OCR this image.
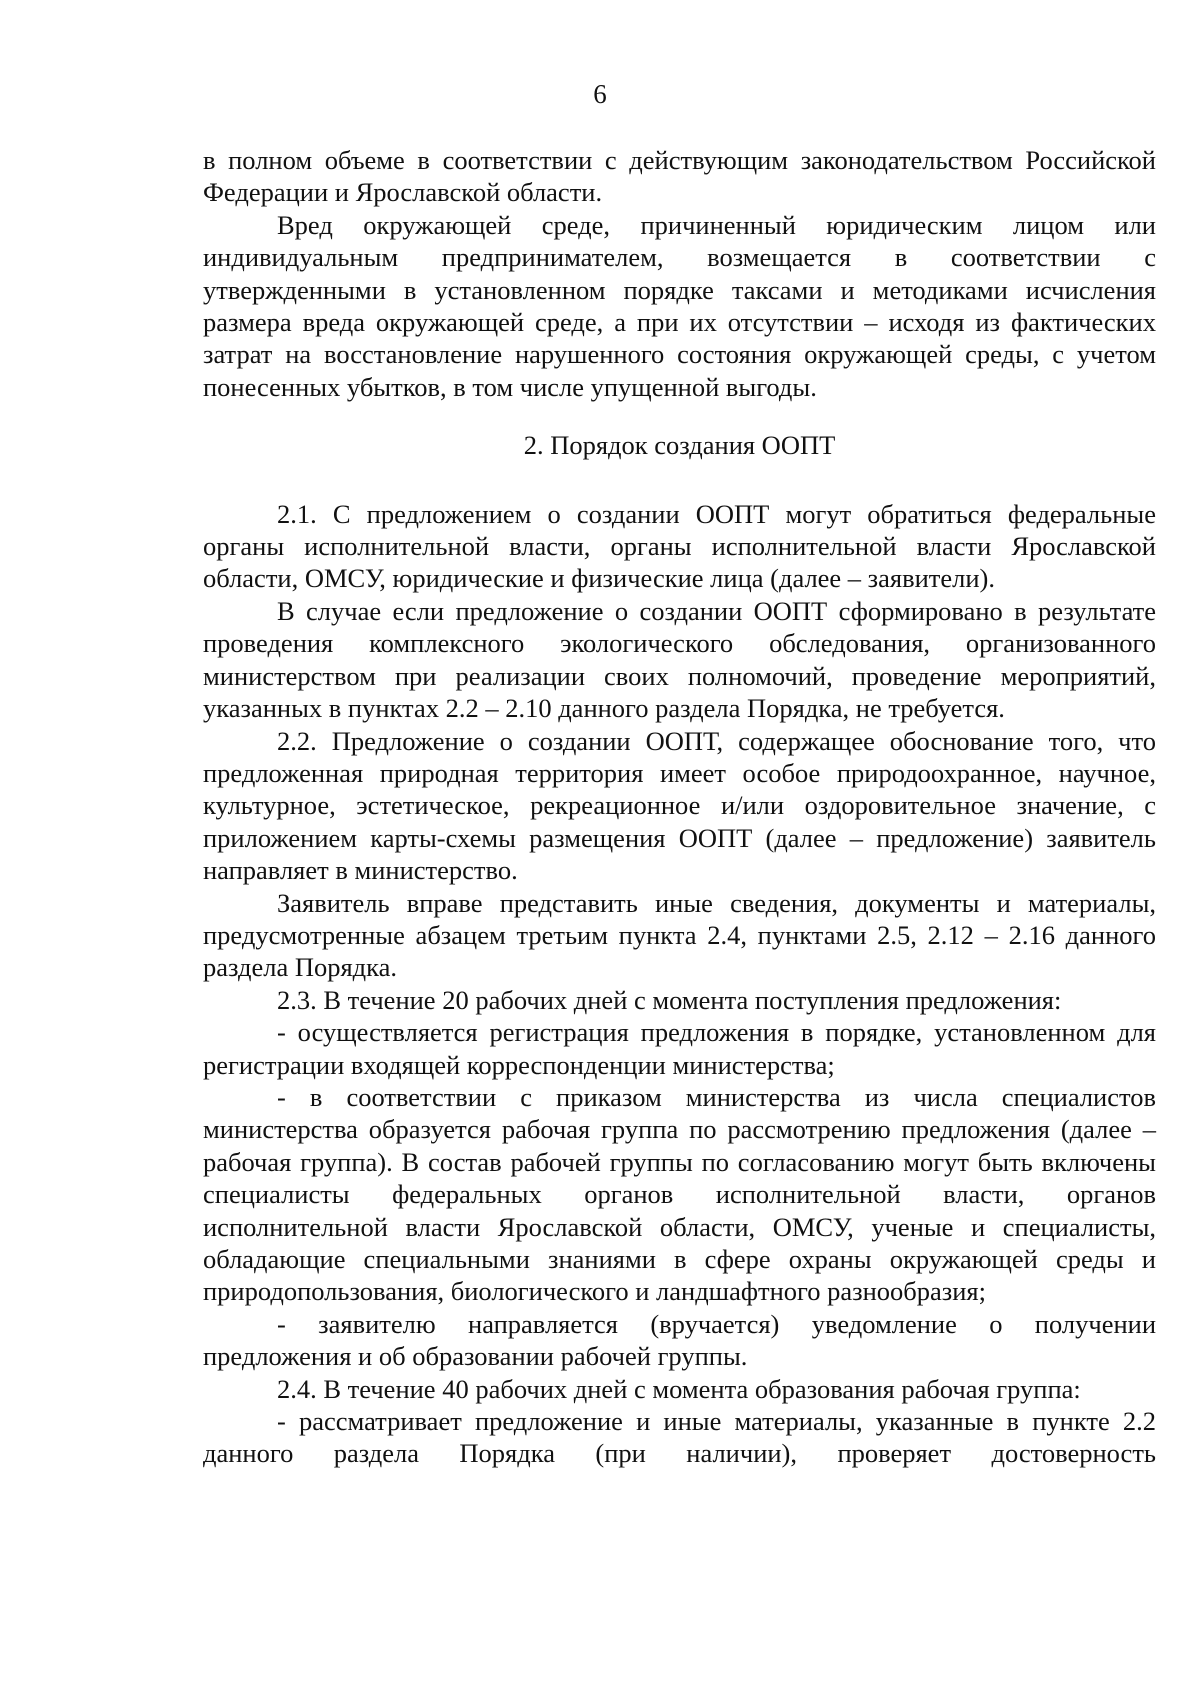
6

в полном объеме в соответствии с действующим законодательством Российской Федерации и Ярославской области.

Вред окружающей среде, причиненный юридическим лицом или индивидуальным предпринимателем, возмещается в соответствии с утвержденными в установленном порядке таксами и методиками исчисления размера вреда окружающей среде, а при их отсутствии – исходя из фактических затрат на восстановление нарушенного состояния окружающей среды, с учетом понесенных убытков, в том числе упущенной выгоды.

2. Порядок создания ООПТ

2.1. С предложением о создании ООПТ могут обратиться федеральные органы исполнительной власти, органы исполнительной власти Ярославской области, ОМСУ, юридические и физические лица (далее – заявители).

В случае если предложение о создании ООПТ сформировано в результате проведения комплексного экологического обследования, организованного министерством при реализации своих полномочий, проведение мероприятий, указанных в пунктах 2.2 – 2.10 данного раздела Порядка, не требуется.

2.2. Предложение о создании ООПТ, содержащее обоснование того, что предложенная природная территория имеет особое природоохранное, научное, культурное, эстетическое, рекреационное и/или оздоровительное значение, с приложением карты-схемы размещения ООПТ (далее – предложение) заявитель направляет в министерство.

Заявитель вправе представить иные сведения, документы и материалы, предусмотренные абзацем третьим пункта 2.4, пунктами 2.5, 2.12 – 2.16 данного раздела Порядка.

2.3. В течение 20 рабочих дней с момента поступления предложения:

- осуществляется регистрация предложения в порядке, установленном для регистрации входящей корреспонденции министерства;

- в соответствии с приказом министерства из числа специалистов министерства образуется рабочая группа по рассмотрению предложения (далее – рабочая группа). В состав рабочей группы по согласованию могут быть включены специалисты федеральных органов исполнительной власти, органов исполнительной власти Ярославской области, ОМСУ, ученые и специалисты, обладающие специальными знаниями в сфере охраны окружающей среды и природопользования, биологического и ландшафтного разнообразия;

- заявителю направляется (вручается) уведомление о получении предложения и об образовании рабочей группы.

2.4. В течение 40 рабочих дней с момента образования рабочая группа:

- рассматривает предложение и иные материалы, указанные в пункте 2.2 данного раздела Порядка (при наличии), проверяет достоверность
